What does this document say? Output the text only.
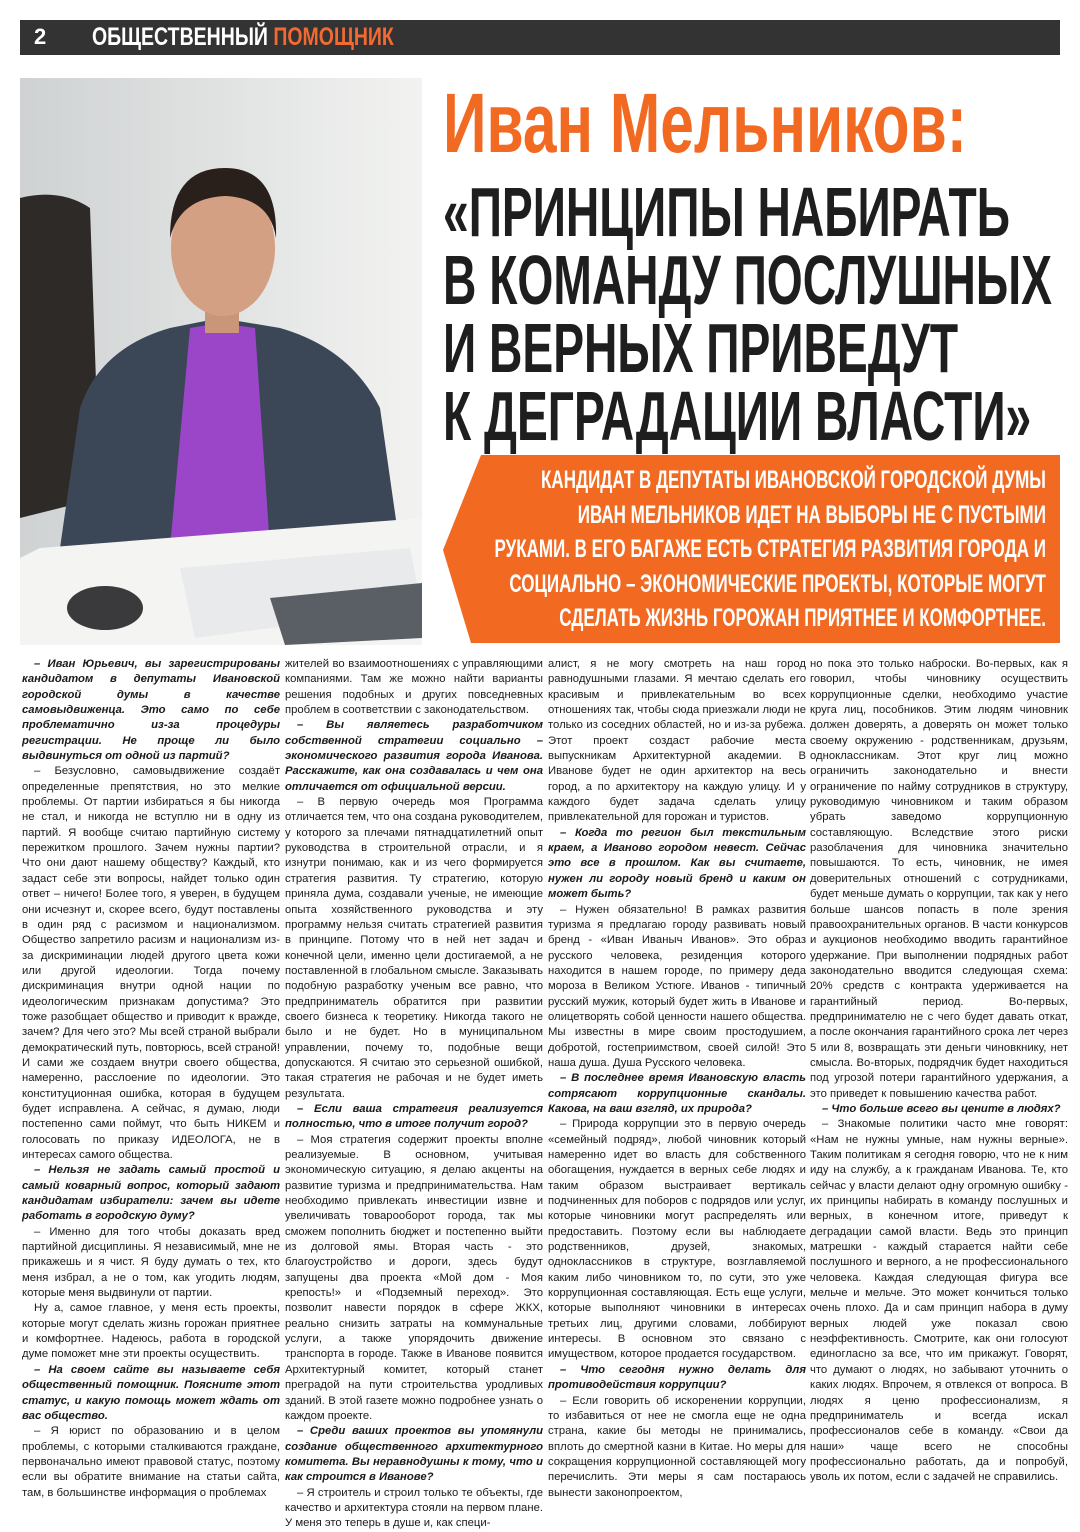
2 ОБЩЕСТВЕННЫЙ ПОМОЩНИК
Иван Мельников:
«ПРИНЦИПЫ НАБИРАТЬ
В КОМАНДУ ПОСЛУШНЫХ
И ВЕРНЫХ ПРИВЕДУТ
К ДЕГРАДАЦИИ ВЛАСТИ»
КАНДИДАТ В ДЕПУТАТЫ ИВАНОВСКОЙ ГОРОДСКОЙ ДУМЫ
ИВАН МЕЛЬНИКОВ ИДЕТ НА ВЫБОРЫ НЕ С ПУСТЫМИ
РУКАМИ. В ЕГО БАГАЖЕ ЕСТЬ СТРАТЕГИЯ РАЗВИТИЯ ГОРОДА И
СОЦИАЛЬНО – ЭКОНОМИЧЕСКИЕ ПРОЕКТЫ, КОТОРЫЕ МОГУТ
СДЕЛАТЬ ЖИЗНЬ ГОРОЖАН ПРИЯТНЕЕ И КОМФОРТНЕЕ.

– Иван Юрьевич, вы зарегистрированы кандидатом в депутаты Ивановской городской думы в качестве самовыдвиженца. Это само по себе проблематично из-за процедуры регистрации. Не проще ли было выдвинуться от одной из партий?

– Безусловно, самовыдвижение создаёт определенные препятствия, но это мелкие проблемы. От партии избираться я бы никогда не стал, и никогда не вступлю ни в одну из партий. Я вообще считаю партийную систему пережитком прошлого. Зачем нужны партии? Что они дают нашему обществу? Каждый, кто задаст себе эти вопросы, найдет только один ответ – ничего! Более того, я уверен, в будущем они исчезнут и, скорее всего, будут поставлены в один ряд с расизмом и национализмом. Общество запретило расизм и национализм из-за дискриминации людей другого цвета кожи или другой идеологии. Тогда почему дискриминация внутри одной нации по идеологическим признакам допустима? Это тоже разобщает общество и приводит к вражде, зачем? Для чего это? Мы всей страной выбрали демократический путь, повторюсь, всей страной! И сами же создаем внутри своего общества, намеренно, расслоение по идеологии. Это конституционная ошибка, которая в будущем будет исправлена. А сейчас, я думаю, люди постепенно сами поймут, что быть НИКЕМ и голосовать по приказу ИДЕОЛОГА, не в интересах самого общества.

– Нельзя не задать самый простой и самый коварный вопрос, который задают кандидатам избиратели: зачем вы идете работать в городскую думу?

– Именно для того чтобы доказать вред партийной дисциплины. Я независимый, мне не прикажешь и я чист. Я буду думать о тех, кто меня избрал, а не о том, как угодить людям, которые меня выдвинули от партии.

Ну а, самое главное, у меня есть проекты, которые могут сделать жизнь горожан приятнее и комфортнее. Надеюсь, работа в городской думе поможет мне эти проекты осуществить.

– На своем сайте вы называете себя общественный помощник. Поясните этот статус, и какую помощь может ждать от вас общество.

– Я юрист по образованию и в целом проблемы, с которыми сталкиваются граждане, первоначально имеют правовой статус, поэтому если вы обратите внимание на статьи сайта, там, в большинстве информация о проблемах

жителей во взаимоотношениях с управляющими компаниями. Там же можно найти варианты решения подобных и других повседневных проблем в соответствии с законодательством.

– Вы являетесь разработчиком собственной стратегии социально – экономического развития города Иванова. Расскажите, как она создавалась и чем она отличается от официальной версии.

– В первую очередь моя Программа отличается тем, что она создана руководителем, у которого за плечами пятнадцатилетний опыт руководства в строительной отрасли, и я изнутри понимаю, как и из чего формируется стратегия развития. Ту стратегию, которую приняла дума, создавали ученые, не имеющие опыта хозяйственного руководства и эту программу нельзя считать стратегией развития в принципе. Потому что в ней нет задач и конечной цели, именно цели достигаемой, а не поставленной в глобальном смысле. Заказывать подобную разработку ученым все равно, что предприниматель обратится при развитии своего бизнеса к теоретику. Никогда такого не было и не будет. Но в муниципальном управлении, почему то, подобные вещи допускаются. Я считаю это серьезной ошибкой, такая стратегия не рабочая и не будет иметь результата.

– Если ваша стратегия реализуется полностью, что в итоге получит город?

– Моя стратегия содержит проекты вполне реализуемые. В основном, учитывая экономическую ситуацию, я делаю акценты на развитие туризма и предпринимательства. Нам необходимо привлекать инвестиции извне и увеличивать товарооборот города, так мы сможем пополнить бюджет и постепенно выйти из долговой ямы. Вторая часть - это благоустройство и дороги, здесь будут запущены два проекта «Мой дом - Моя крепость!» и «Подземный переход». Это позволит навести порядок в сфере ЖКХ, реально снизить затраты на коммунальные услуги, а также упорядочить движение транспорта в городе. Также в Иванове появится Архитектурный комитет, который станет преградой на пути строительства уродливых зданий. В этой газете можно подробнее узнать о каждом проекте.

– Среди ваших проектов вы упомянули создание общественного архитектурного комитета. Вы неравнодушны к тому, что и как строится в Иванове?

– Я строитель и строил только те объекты, где качество и архитектура стояли на первом плане. У меня это теперь в душе и, как специ-

алист, я не могу смотреть на наш город равнодушными глазами. Я мечтаю сделать его красивым и привлекательным во всех отношениях так, чтобы сюда приезжали люди не только из соседних областей, но и из-за рубежа. Этот проект создаст рабочие места выпускникам Архитектурной академии. В Иванове будет не один архитектор на весь город, а по архитектору на каждую улицу. И у каждого будет задача сделать улицу привлекательной для горожан и туристов.

– Когда то регион был текстильным краем, а Иваново городом невест. Сейчас это все в прошлом. Как вы считаете, нужен ли городу новый бренд и каким он может быть?

– Нужен обязательно! В рамках развития туризма я предлагаю городу развивать новый бренд - «Иван Иваныч Иванов». Это образ русского человека, резиденция которого находится в нашем городе, по примеру деда мороза в Великом Устюге. Иванов - типичный русский мужик, который будет жить в Иванове и олицетворять собой ценности нашего общества. Мы известны в мире своим простодушием, добротой, гостеприимством, своей силой! Это наша душа. Душа Русского человека.

– В последнее время Ивановскую власть сотрясают коррупционные скандалы. Какова, на ваш взгляд, их природа?

– Природа коррупции это в первую очередь «семейный подряд», любой чиновник который намеренно идет во власть для собственного обогащения, нуждается в верных себе людях и таким образом выстраивает вертикаль подчиненных для поборов с подрядов или услуг, которые чиновники могут распределять или предоставить. Поэтому если вы наблюдаете родственников, друзей, знакомых, одноклассников в структуре, возглавляемой каким либо чиновником то, по сути, это уже коррупционная составляющая. Есть еще услуги, которые выполняют чиновники в интересах третьих лиц, другими словами, лоббируют интересы. В основном это связано с имуществом, которое продается государством.

– Что сегодня нужно делать для противодействия коррупции?

– Если говорить об искоренении коррупции, то избавиться от нее не смогла еще не одна страна, какие бы методы не принимались, вплоть до смертной казни в Китае. Но меры для сокращения коррупционной составляющей могу перечислить. Эти меры я сам постараюсь вынести законопроектом,

но пока это только наброски. Во-первых, как я говорил, чтобы чиновнику осуществить коррупционные сделки, необходимо участие круга лиц, пособников. Этим людям чиновник должен доверять, а доверять он может только своему окружению - родственникам, друзьям, одноклассникам. Этот круг лиц можно ограничить законодательно и внести ограничение по найму сотрудников в структуру, руководимую чиновником и таким образом убрать заведомо коррупционную составляющую. Вследствие этого риски разоблачения для чиновника значительно повышаются. То есть, чиновник, не имея доверительных отношений с сотрудниками, будет меньше думать о коррупции, так как у него больше шансов попасть в поле зрения правоохранительных органов. В части конкурсов и аукционов необходимо вводить гарантийное удержание. При выполнении подрядных работ законодательно вводится следующая схема: 20% средств с контракта удерживается на гарантийный период. Во-первых, предпринимателю не с чего будет давать откат, а после окончания гарантийного срока лет через 5 или 8, возвращать эти деньги чиновкнику, нет смысла. Во-вторых, подрядчик будет находиться под угрозой потери гарантийного удержания, а это приведет к повышению качества работ.

– Что больше всего вы цените в людях?

– Знакомые политики часто мне говорят: «Нам не нужны умные, нам нужны верные». Таким политикам я сегодня говорю, что не к ним иду на службу, а к гражданам Иванова. Те, кто сейчас у власти делают одну огромную ошибку - их принципы набирать в команду послушных и верных, в конечном итоге, приведут к деградации самой власти. Ведь это принцип матрешки - каждый старается найти себе послушного и верного, а не профессионального человека. Каждая следующая фигура все мельче и мельче. Это может кончиться только очень плохо. Да и сам принцип набора в думу верных людей уже показал свою неэффективность. Смотрите, как они голосуют единогласно за все, что им прикажут. Говорят, что думают о людях, но забывают уточнить о каких людях. Впрочем, я отвлекся от вопроса. В людях я ценю профессионализм, я предприниматель и всегда искал профессионалов себе в команду. «Свои да наши» чаще всего не способны профессионально работать, да и попробуй, уволь их потом, если с задачей не справились.
